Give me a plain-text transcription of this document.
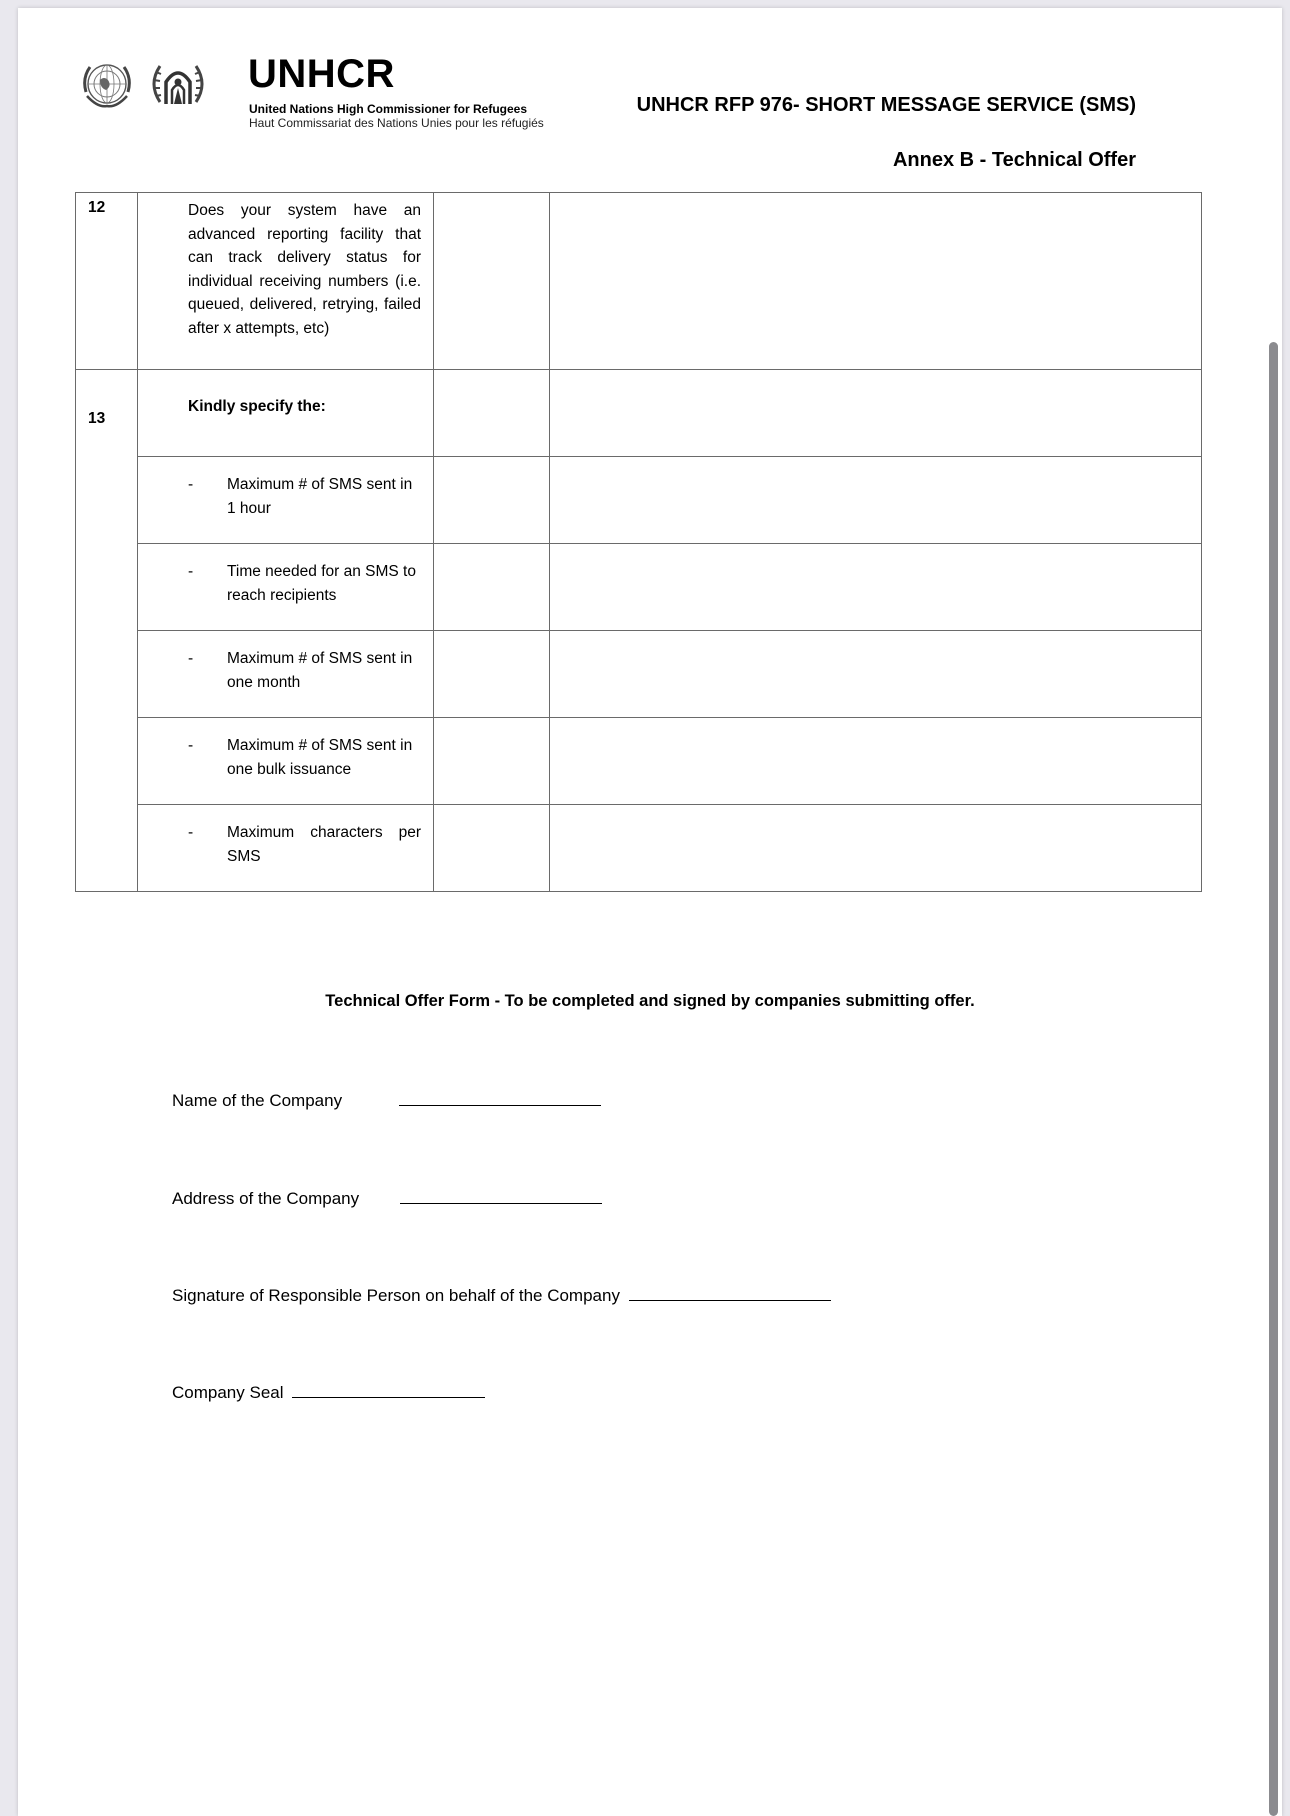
UNHCR
United Nations High Commissioner for Refugees
Haut Commissariat des Nations Unies pour les réfugiés
UNHCR RFP 976- SHORT MESSAGE SERVICE (SMS)
Annex B - Technical Offer
12	Does your system have an advanced reporting facility that can track delivery status for individual receiving numbers (i.e. queued, delivered, retrying, failed after x attempts, etc)		
13	Kindly specify the:		

	- Maximum # of SMS sent in 1 hour		

	- Time needed for an SMS to reach recipients		

	- Maximum # of SMS sent in one month		

	- Maximum # of SMS sent in one bulk issuance		

	- Maximum characters per SMS		

Technical Offer Form - To be completed and signed by companies submitting offer.
Name of the Company
Address of the Company
Signature of Responsible Person on behalf of the Company
Company Seal
